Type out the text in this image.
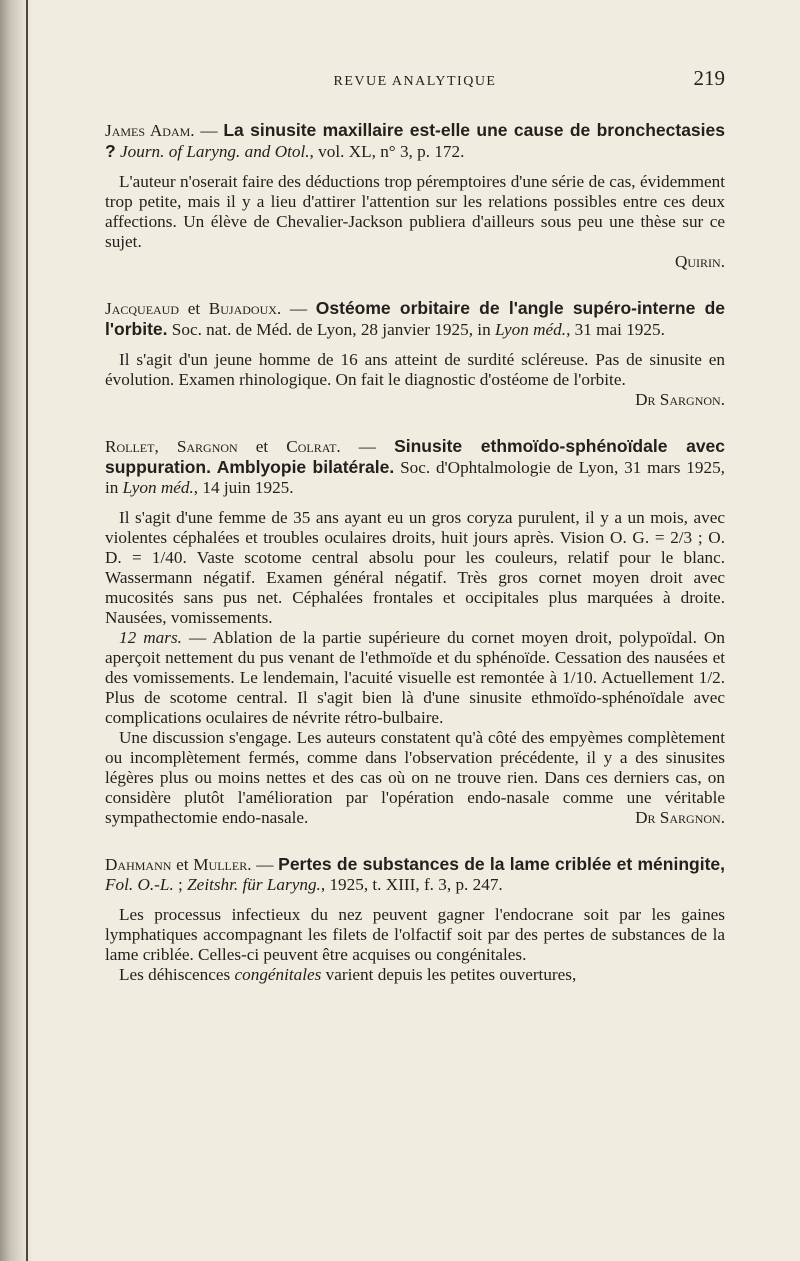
REVUE ANALYTIQUE	219

James Adam. — La sinusite maxillaire est-elle une cause de bronchectasies ? Journ. of Laryng. and Otol., vol. XL, n° 3, p. 172.

L'auteur n'oserait faire des déductions trop péremptoires d'une série de cas, évidemment trop petite, mais il y a lieu d'attirer l'attention sur les relations possibles entre ces deux affections. Un élève de Chevalier-Jackson publiera d'ailleurs sous peu une thèse sur ce sujet.

Quirin.

Jacqueaud et Bujadoux. — Ostéome orbitaire de l'angle supéro-interne de l'orbite. Soc. nat. de Méd. de Lyon, 28 janvier 1925, in Lyon méd., 31 mai 1925.

Il s'agit d'un jeune homme de 16 ans atteint de surdité scléreuse. Pas de sinusite en évolution. Examen rhinologique. On fait le diagnostic d'ostéome de l'orbite.
Dr Sargnon.

Rollet, Sargnon et Colrat. — Sinusite ethmoïdo-sphénoïdale avec suppuration. Amblyopie bilatérale. Soc. d'Ophtalmologie de Lyon, 31 mars 1925, in Lyon méd., 14 juin 1925.

Il s'agit d'une femme de 35 ans ayant eu un gros coryza purulent, il y a un mois, avec violentes céphalées et troubles oculaires droits, huit jours après. Vision O. G. = 2/3 ; O. D. = 1/40. Vaste scotome central absolu pour les couleurs, relatif pour le blanc. Wassermann négatif. Examen général négatif. Très gros cornet moyen droit avec mucosités sans pus net. Céphalées frontales et occipitales plus marquées à droite. Nausées, vomissements.

12 mars. — Ablation de la partie supérieure du cornet moyen droit, polypoïdal. On aperçoit nettement du pus venant de l'ethmoïde et du sphénoïde. Cessation des nausées et des vomissements. Le lendemain, l'acuité visuelle est remontée à 1/10. Actuellement 1/2. Plus de scotome central. Il s'agit bien là d'une sinusite ethmoïdo-sphénoïdale avec complications oculaires de névrite rétro-bulbaire.

Une discussion s'engage. Les auteurs constatent qu'à côté des empyèmes complètement ou incomplètement fermés, comme dans l'observation précédente, il y a des sinusites légères plus ou moins nettes et des cas où on ne trouve rien. Dans ces derniers cas, on considère plutôt l'amélioration par l'opération endo-nasale comme une véritable sympathectomie endo-nasale.	Dr Sargnon.

Dahmann et Muller. — Pertes de substances de la lame criblée et méningite, Fol. O.-L. ; Zeitshr. für Laryng., 1925, t. XIII, f. 3, p. 247.

Les processus infectieux du nez peuvent gagner l'endocrane soit par les gaines lymphatiques accompagnant les filets de l'olfactif soit par des pertes de substances de la lame criblée. Celles-ci peuvent être acquises ou congénitales.

Les déhiscences congénitales varient depuis les petites ouvertures,
